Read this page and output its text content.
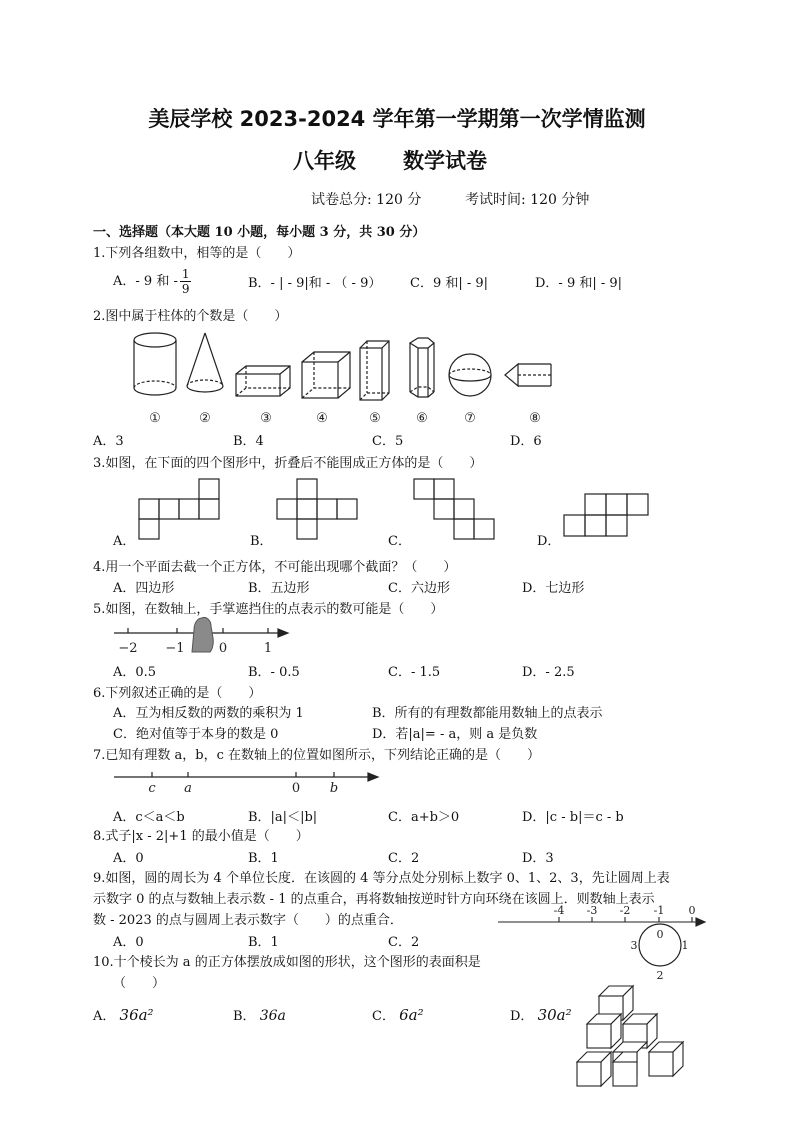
美辰学校 2023-2024 学年第一学期第一次学情监测
八年级 数学试卷
试卷总分: 120 分	考试时间: 120 分钟
一、选择题（本大题 10 小题，每小题 3 分，共 30 分）
1.下列各组数中，相等的是（　　）
A．- 9 和 - $\frac{1}{9}$	B．- | - 9|和 - （ - 9） C．9 和| - 9|	D．- 9 和| - 9|
2.图中属于柱体的个数是（　　）
①	②	③	④	⑤	⑥	⑦	⑧
A．3	B．4	C．5	D．6
3.如图，在下面的四个图形中，折叠后不能围成正方体的是（　　）
A．	B．	C．	D．
4.用一个平面去截一个正方体，不可能出现哪个截面？（　　）
A．四边形	B．五边形	C．六边形	D．七边形
5.如图，在数轴上，手掌遮挡住的点表示的数可能是（　　）
−2 −1	0	1
A．0.5	B．- 0.5	C．- 1.5	D．- 2.5
6.下列叙述正确的是（　　）
A．互为相反数的两数的乘积为 1	B．所有的有理数都能用数轴上的点表示
C．绝对值等于本身的数是 0	D．若|a|= - a，则 a 是负数
7.已知有理数 a，b，c 在数轴上的位置如图所示，下列结论正确的是（　　）
c a	0 b
A．c＜a＜b	B．|a|＜|b|	C．a+b＞0	D．|c - b|＝c - b
8.式子|x - 2|+1 的最小值是（　　）
A．0	B．1	C．2	D．3
9.如图，圆的周长为 4 个单位长度．在该圆的 4 等分点处分别标上数字 0、1、2、3，先让圆周上表
示数字 0 的点与数轴上表示数 - 1 的点重合，再将数轴按逆时针方向环绕在该圆上．则数轴上表示
数 - 2023 的点与圆周上表示数字（　　）的点重合．
-4 -3 -2 -1 0
0
1
2
3
A．0	B．1	C．2
10.十个棱长为 a 的正方体摆放成如图的形状，这个图形的表面积是
（　　）
A． 36a²	B． 36a	C． 6a²	D． 30a²
